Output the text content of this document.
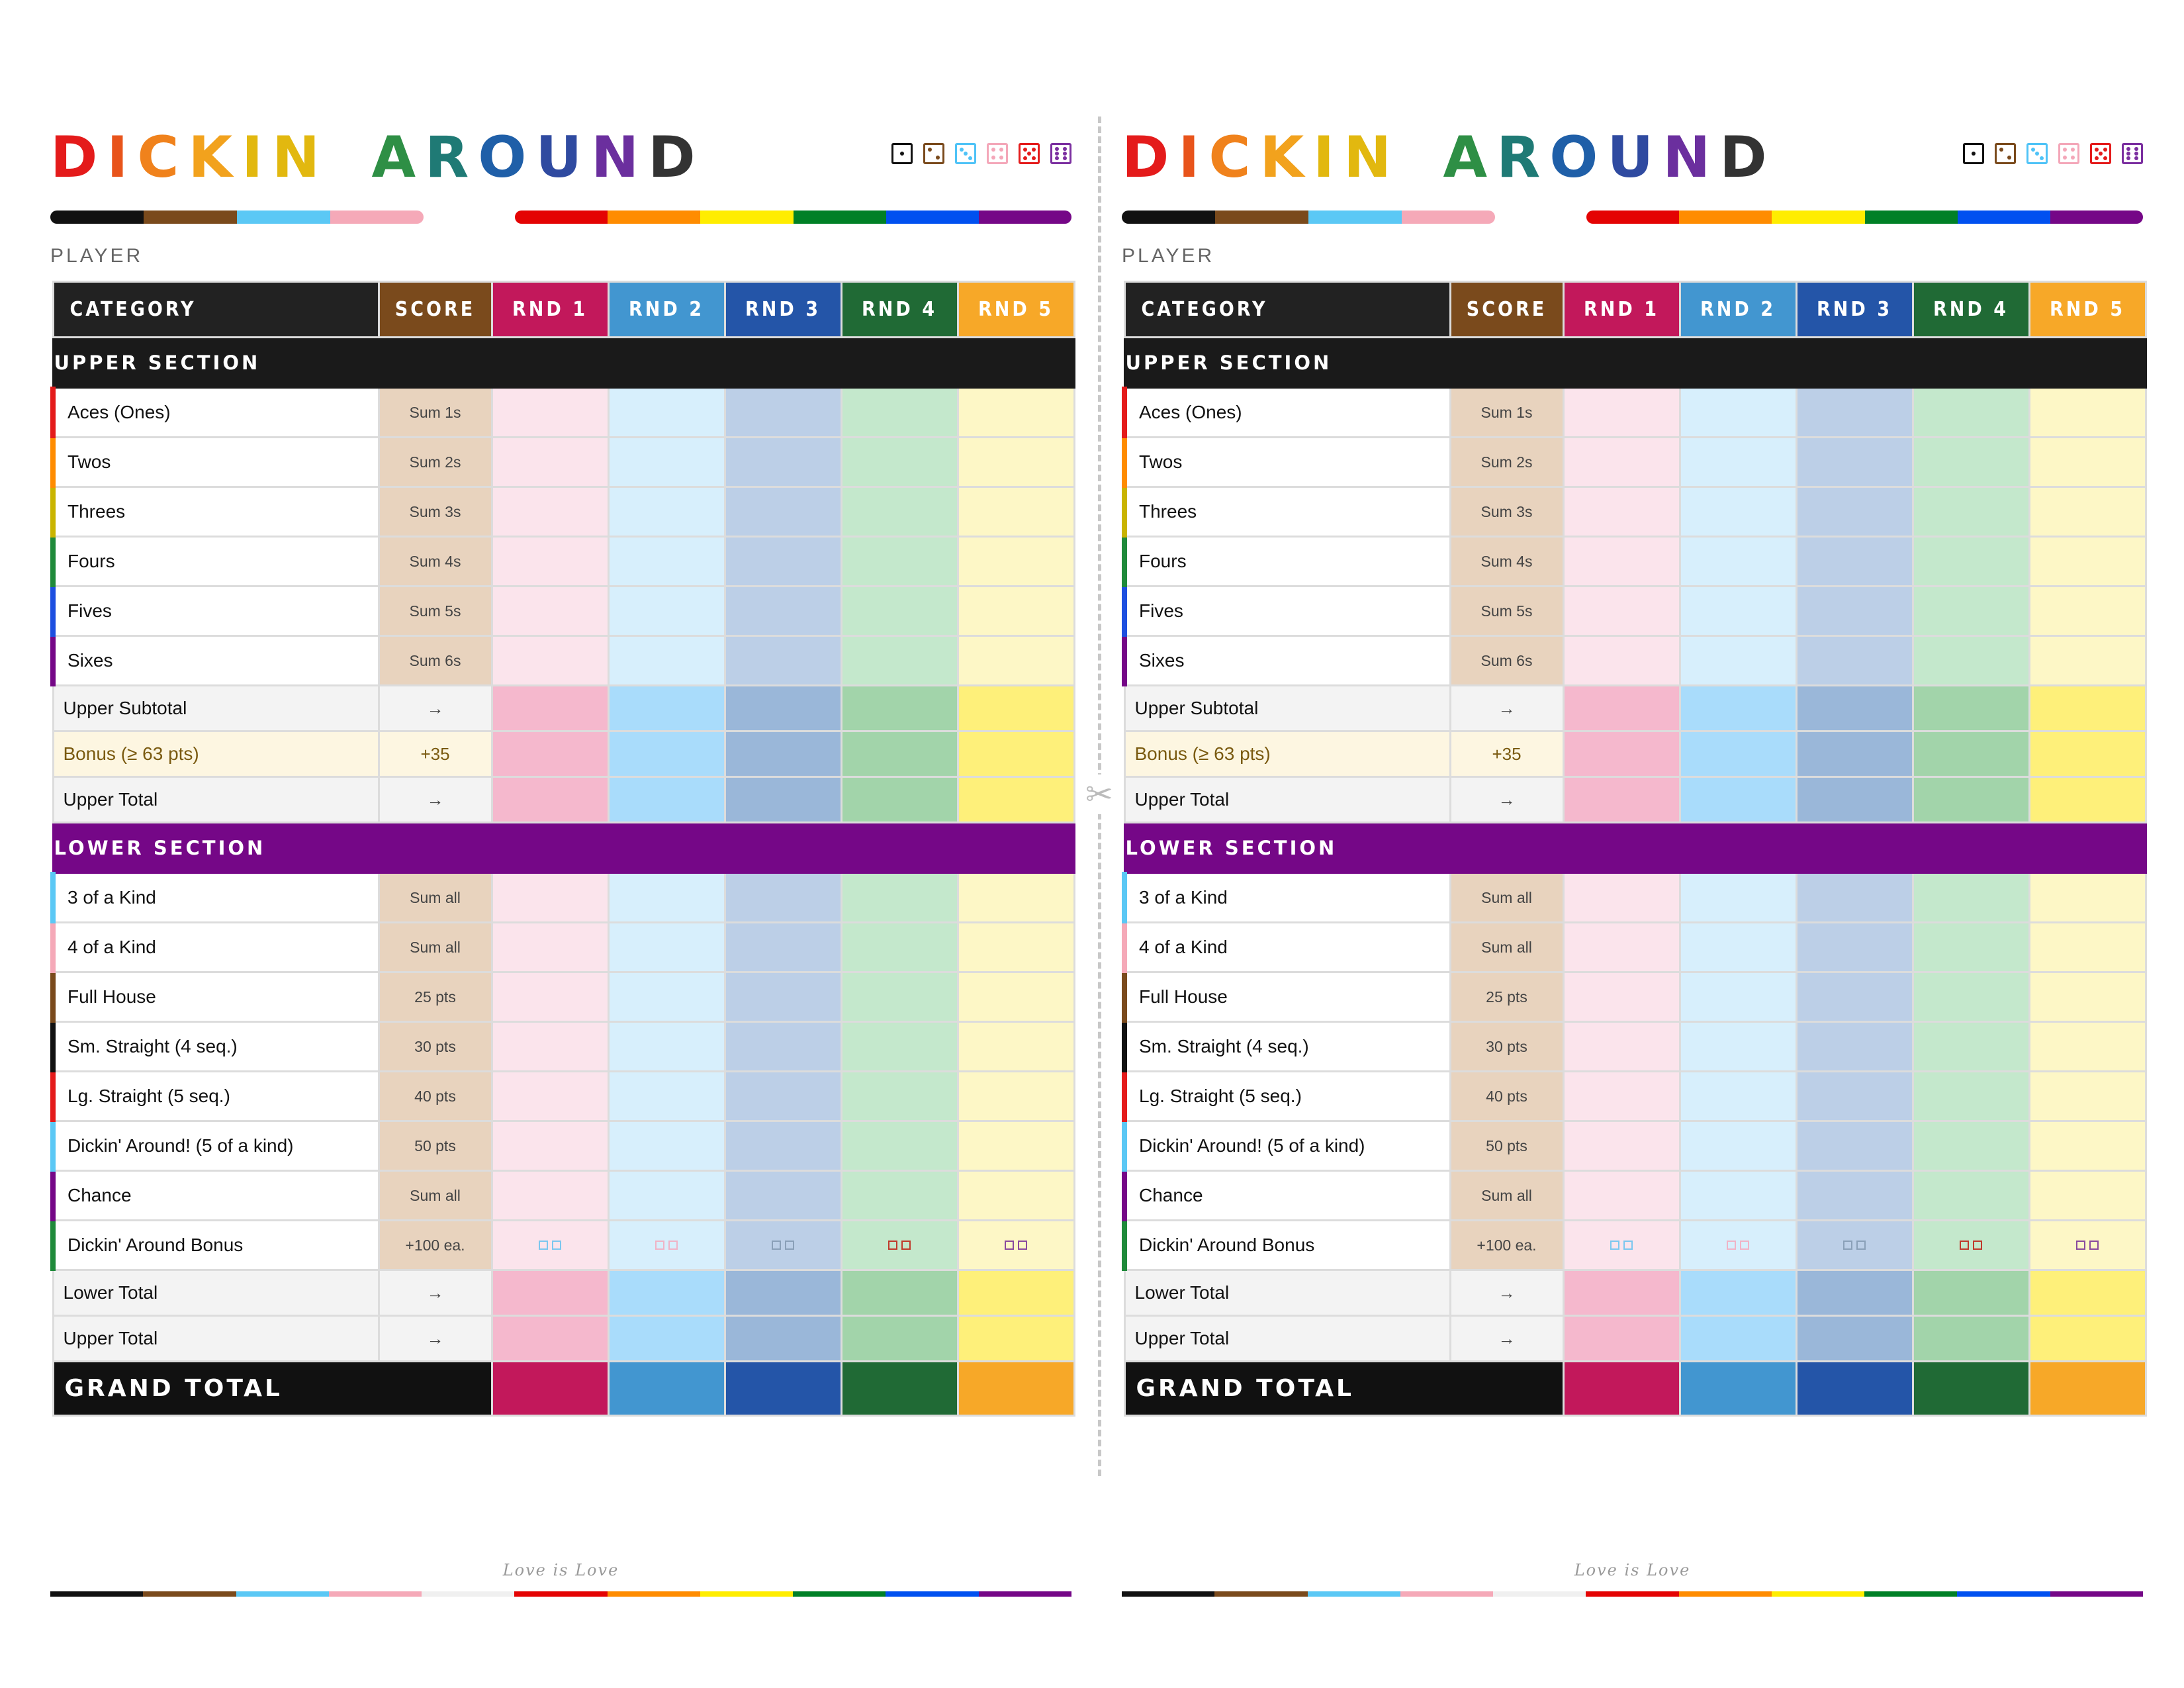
✂
DICKIN' AROUND
PLAYER
CATEGORY	SCORE	RND 1	RND 2	RND 3	RND 4	RND 5
UPPER SECTION						
Aces (Ones)	Sum 1s					
Twos	Sum 2s					
Threes	Sum 3s					
Fours	Sum 4s					
Fives	Sum 5s					
Sixes	Sum 6s					
Upper Subtotal	→					
Bonus (≥ 63 pts)	+35					
Upper Total	→					
LOWER SECTION						
3 of a Kind	Sum all					
4 of a Kind	Sum all					
Full House	25 pts					
Sm. Straight (4 seq.)	30 pts					
Lg. Straight (5 seq.)	40 pts					
Dickin' Around! (5 of a kind)	50 pts					
Chance	Sum all					
Dickin' Around Bonus	+100 ea.	

Lower Total	→					
Upper Total	→					
GRAND TOTAL						
Love is Love
DICKIN' AROUND
PLAYER
CATEGORY	SCORE	RND 1	RND 2	RND 3	RND 4	RND 5
UPPER SECTION						
Aces (Ones)	Sum 1s					
Twos	Sum 2s					
Threes	Sum 3s					
Fours	Sum 4s					
Fives	Sum 5s					
Sixes	Sum 6s					
Upper Subtotal	→					
Bonus (≥ 63 pts)	+35					
Upper Total	→					
LOWER SECTION						
3 of a Kind	Sum all					
4 of a Kind	Sum all					
Full House	25 pts					
Sm. Straight (4 seq.)	30 pts					
Lg. Straight (5 seq.)	40 pts					
Dickin' Around! (5 of a kind)	50 pts					
Chance	Sum all					
Dickin' Around Bonus	+100 ea.	

Lower Total	→					
Upper Total	→					
GRAND TOTAL						
Love is Love
